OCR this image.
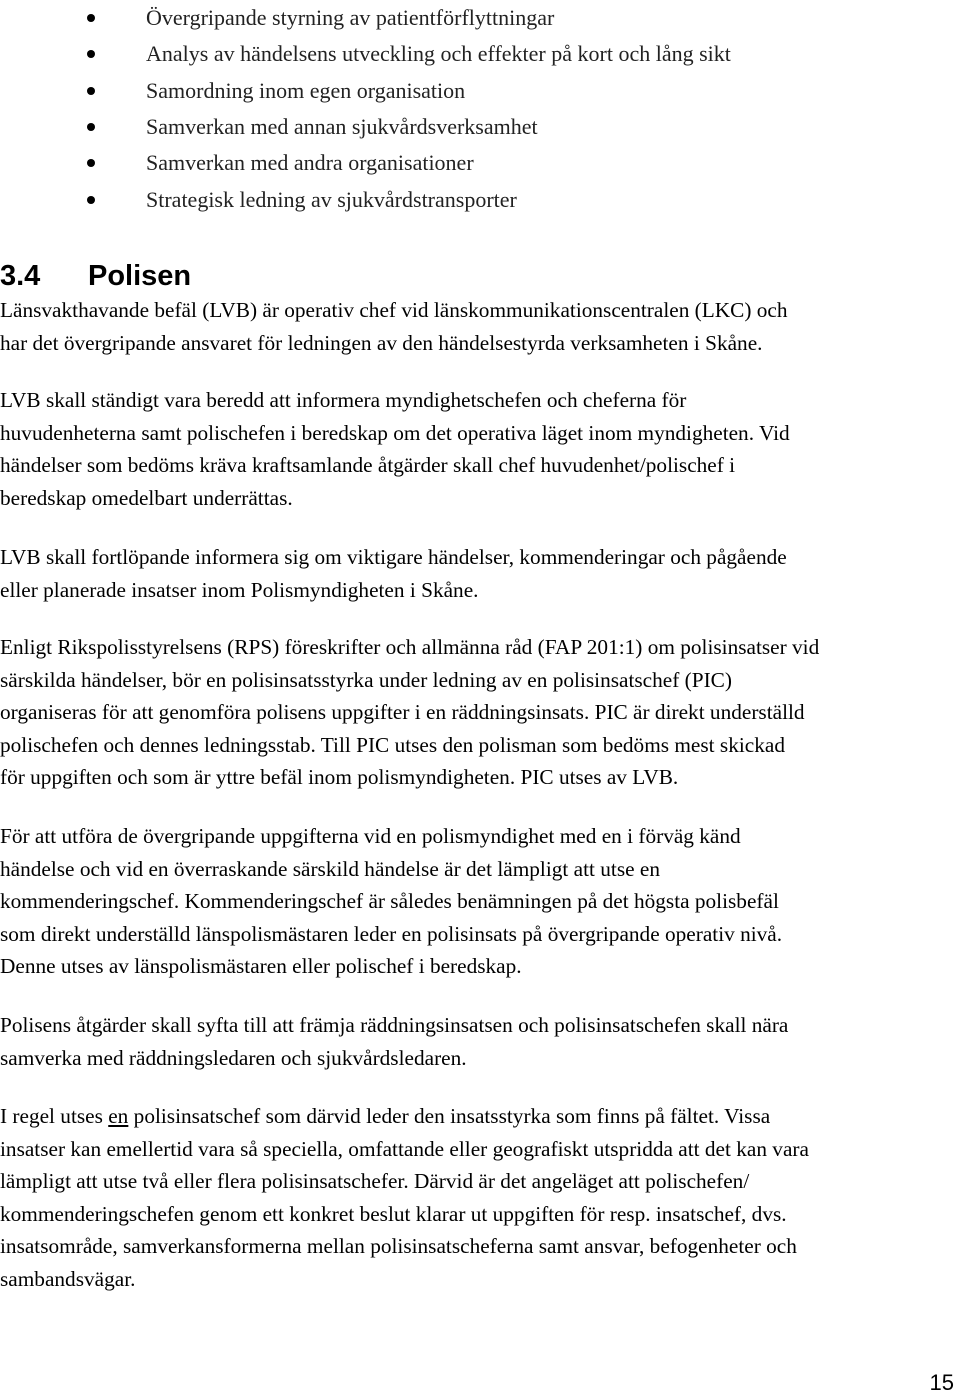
Övergripande styrning av patientförflyttningar
Analys av händelsens utveckling och effekter på kort och lång sikt
Samordning inom egen organisation
Samverkan med annan sjukvårdsverksamhet
Samverkan med andra organisationer
Strategisk ledning av sjukvårdstransporter
3.4 Polisen

Länsvakthavande befäl (LVB) är operativ chef vid länskommunikationscentralen (LKC) och
har det övergripande ansvaret för ledningen av den händelsestyrda verksamheten i Skåne.

LVB skall ständigt vara beredd att informera myndighetschefen och cheferna för
huvudenheterna samt polischefen i beredskap om det operativa läget inom myndigheten. Vid
händelser som bedöms kräva kraftsamlande åtgärder skall chef huvudenhet/polischef i
beredskap omedelbart underrättas.

LVB skall fortlöpande informera sig om viktigare händelser, kommenderingar och pågående
eller planerade insatser inom Polismyndigheten i Skåne.

Enligt Rikspolisstyrelsens (RPS) föreskrifter och allmänna råd (FAP 201:1) om polisinsatser vid
särskilda händelser, bör en polisinsatsstyrka under ledning av en polisinsatschef (PIC)
organiseras för att genomföra polisens uppgifter i en räddningsinsats. PIC är direkt underställd
polischefen och dennes ledningsstab. Till PIC utses den polisman som bedöms mest skickad
för uppgiften och som är yttre befäl inom polismyndigheten. PIC utses av LVB.

För att utföra de övergripande uppgifterna vid en polismyndighet med en i förväg känd
händelse och vid en överraskande särskild händelse är det lämpligt att utse en
kommenderingschef. Kommenderingschef är således benämningen på det högsta polisbefäl
som direkt underställd länspolismästaren leder en polisinsats på övergripande operativ nivå.
Denne utses av länspolismästaren eller polischef i beredskap.

Polisens åtgärder skall syfta till att främja räddningsinsatsen och polisinsatschefen skall nära
samverka med räddningsledaren och sjukvårdsledaren.

I regel utses en polisinsatschef som därvid leder den insatsstyrka som finns på fältet. Vissa
insatser kan emellertid vara så speciella, omfattande eller geografiskt utspridda att det kan vara
lämpligt att utse två eller flera polisinsatschefer. Därvid är det angeläget att polischefen/
kommenderingschefen genom ett konkret beslut klarar ut uppgiften för resp. insatschef, dvs.
insatsområde, samverkansformerna mellan polisinsatscheferna samt ansvar, befogenheter och
sambandsvägar.

15
